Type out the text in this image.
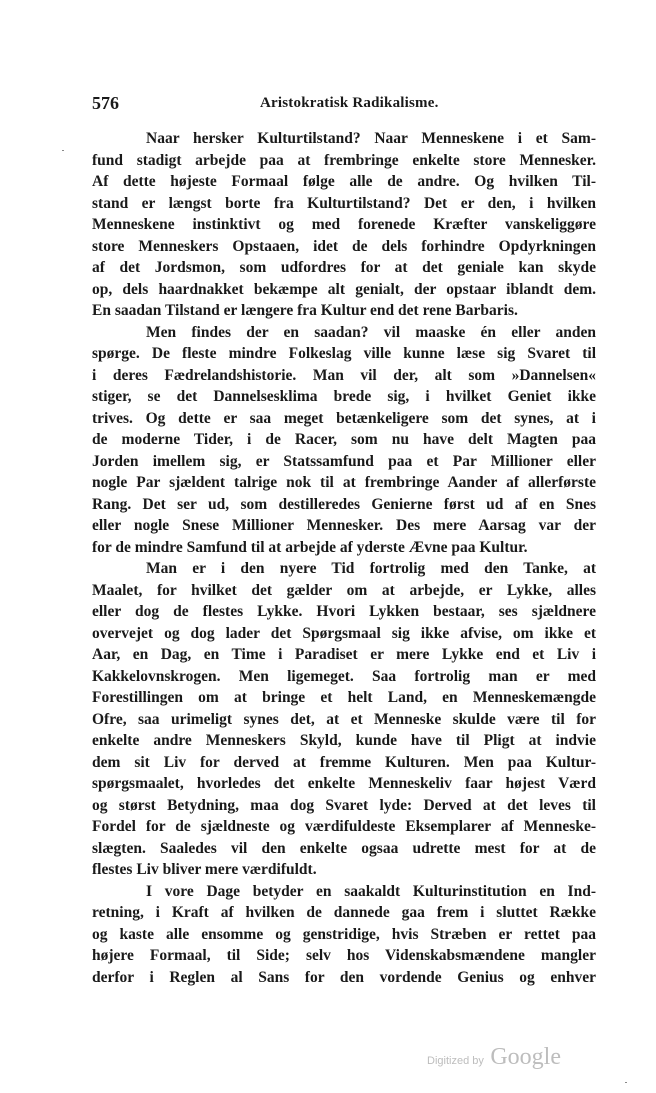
576	Aristokratisk Radikalisme.
Naar hersker Kulturtilstand? Naar Menneskene i et Sam-
fund stadigt arbejde paa at frembringe enkelte store Mennesker.
Af dette højeste Formaal følge alle de andre. Og hvilken Til-
stand er længst borte fra Kulturtilstand? Det er den, i hvilken
Menneskene instinktivt og med forenede Kræfter vanskeliggøre
store Menneskers Opstaaen, idet de dels forhindre Opdyrkningen
af det Jordsmon, som udfordres for at det geniale kan skyde
op, dels haardnakket bekæmpe alt genialt, der opstaar iblandt dem.
En saadan Tilstand er længere fra Kultur end det rene Barbaris.
Men findes der en saadan? vil maaske én eller anden
spørge. De fleste mindre Folkeslag ville kunne læse sig Svaret til
i deres Fædrelandshistorie. Man vil der, alt som »Dannelsen«
stiger, se det Dannelsesklima brede sig, i hvilket Geniet ikke
trives. Og dette er saa meget betænkeligere som det synes, at i
de moderne Tider, i de Racer, som nu have delt Magten paa
Jorden imellem sig, er Statssamfund paa et Par Millioner eller
nogle Par sjældent talrige nok til at frembringe Aander af allerførste
Rang. Det ser ud, som destilleredes Genierne først ud af en Snes
eller nogle Snese Millioner Mennesker. Des mere Aarsag var der
for de mindre Samfund til at arbejde af yderste Ævne paa Kultur.
Man er i den nyere Tid fortrolig med den Tanke, at
Maalet, for hvilket det gælder om at arbejde, er Lykke, alles
eller dog de flestes Lykke. Hvori Lykken bestaar, ses sjældnere
overvejet og dog lader det Spørgsmaal sig ikke afvise, om ikke et
Aar, en Dag, en Time i Paradiset er mere Lykke end et Liv i
Kakkelovnskrogen. Men ligemeget. Saa fortrolig man er med
Forestillingen om at bringe et helt Land, en Menneskemængde
Ofre, saa urimeligt synes det, at et Menneske skulde være til for
enkelte andre Menneskers Skyld, kunde have til Pligt at indvie
dem sit Liv for derved at fremme Kulturen. Men paa Kultur-
spørgsmaalet, hvorledes det enkelte Menneskeliv faar højest Værd
og størst Betydning, maa dog Svaret lyde: Derved at det leves til
Fordel for de sjældneste og værdifuldeste Eksemplarer af Menneske-
slægten. Saaledes vil den enkelte ogsaa udrette mest for at de
flestes Liv bliver mere værdifuldt.
I vore Dage betyder en saakaldt Kulturinstitution en Ind-
retning, i Kraft af hvilken de dannede gaa frem i sluttet Række
og kaste alle ensomme og genstridige, hvis Stræben er rettet paa
højere Formaal, til Side; selv hos Videnskabsmændene mangler
derfor i Reglen al Sans for den vordende Genius og enhver
Digitized by Google
